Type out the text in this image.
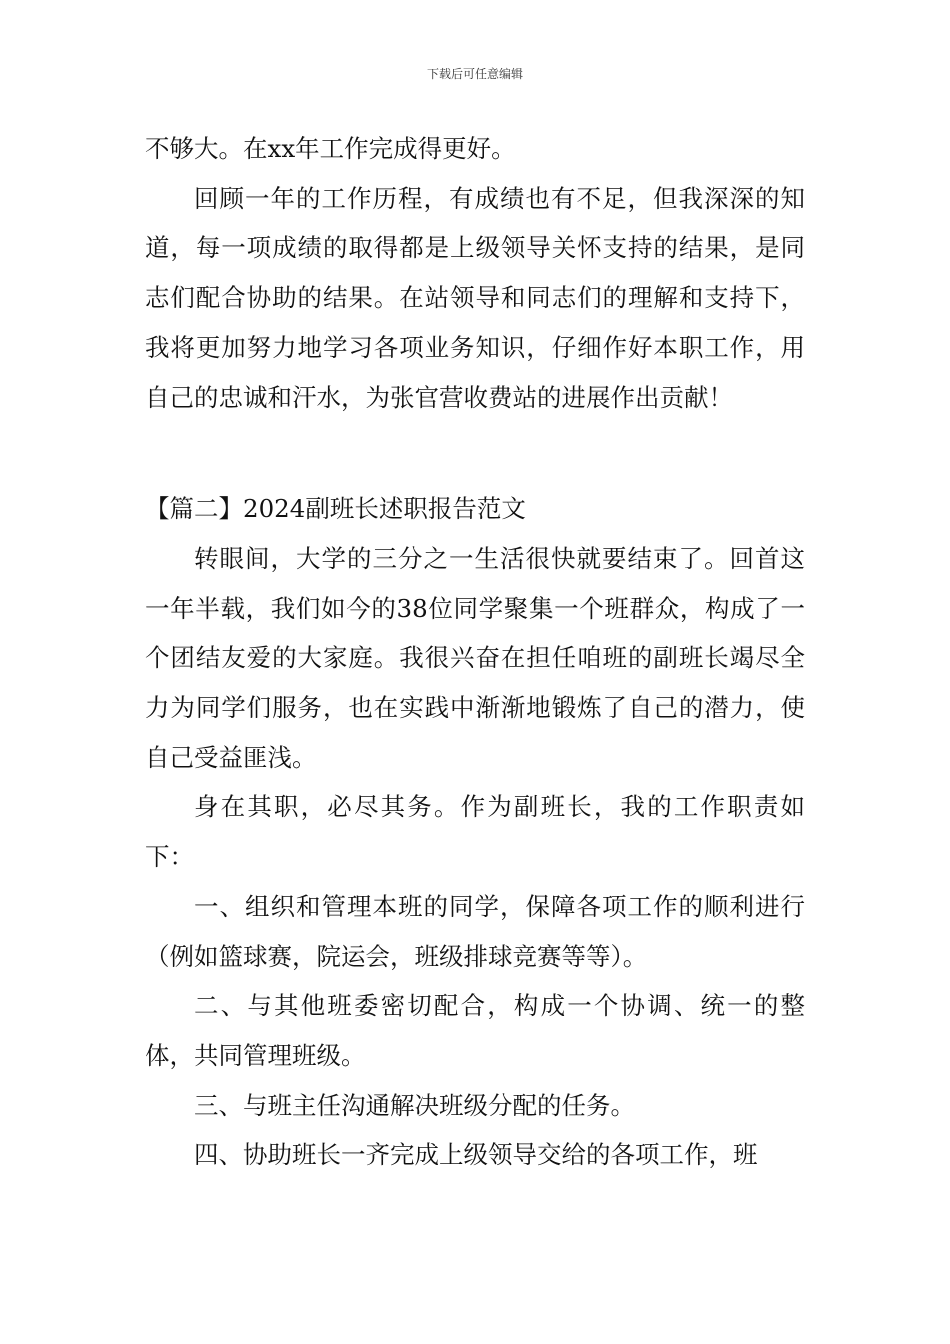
下载后可任意编辑

不够大。在xx年工作完成得更好。

回顾一年的工作历程，有成绩也有不足，但我深深的知道，每一项成绩的取得都是上级领导关怀支持的结果，是同志们配合协助的结果。在站领导和同志们的理解和支持下，我将更加努力地学习各项业务知识，仔细作好本职工作，用自己的忠诚和汗水，为张官营收费站的进展作出贡献！

【篇二】2024副班长述职报告范文

转眼间，大学的三分之一生活很快就要结束了。回首这一年半载，我们如今的38位同学聚集一个班群众，构成了一个团结友爱的大家庭。我很兴奋在担任咱班的副班长竭尽全力为同学们服务，也在实践中渐渐地锻炼了自己的潜力，使自己受益匪浅。

身在其职，必尽其务。作为副班长，我的工作职责如下：

一、组织和管理本班的同学，保障各项工作的顺利进行（例如篮球赛，院运会，班级排球竞赛等等）。

二、与其他班委密切配合，构成一个协调、统一的整体，共同管理班级。

三、与班主任沟通解决班级分配的任务。

四、协助班长一齐完成上级领导交给的各项工作，班
